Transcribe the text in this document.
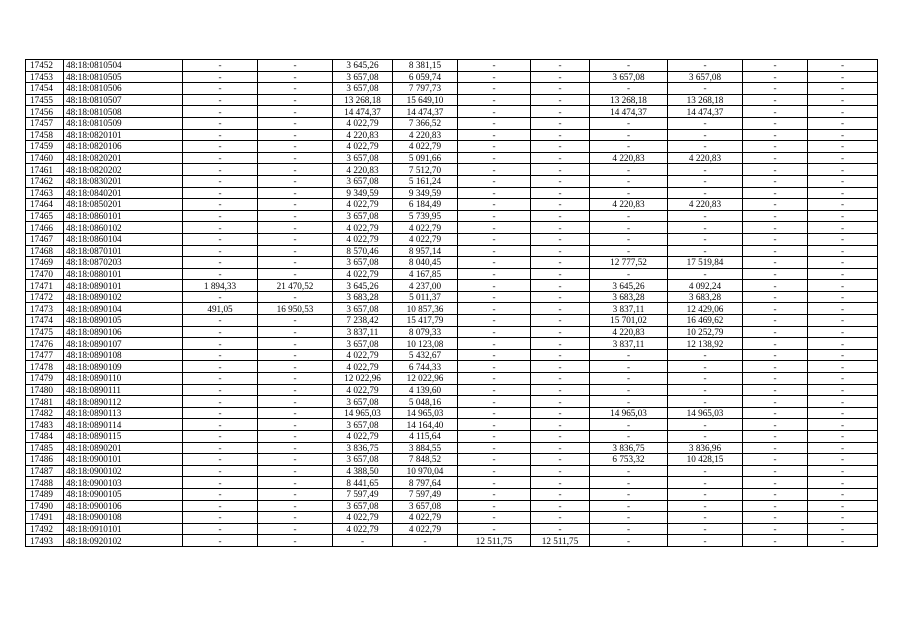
17452	48:18:0810504	-	-	3 645,26	8 381,15	-	-	-	-	-	-
17453	48:18:0810505	-	-	3 657,08	6 059,74	-	-	3 657,08	3 657,08	-	-
17454	48:18:0810506	-	-	3 657,08	7 797,73	-	-	-	-	-	-
17455	48:18:0810507	-	-	13 268,18	15 649,10	-	-	13 268,18	13 268,18	-	-
17456	48:18:0810508	-	-	14 474,37	14 474,37	-	-	14 474,37	14 474,37	-	-
17457	48:18:0810509	-	-	4 022,79	7 366,52	-	-	-	-	-	-
17458	48:18:0820101	-	-	4 220,83	4 220,83	-	-	-	-	-	-
17459	48:18:0820106	-	-	4 022,79	4 022,79	-	-	-	-	-	-
17460	48:18:0820201	-	-	3 657,08	5 091,66	-	-	4 220,83	4 220,83	-	-
17461	48:18:0820202	-	-	4 220,83	7 512,70	-	-	-	-	-	-
17462	48:18:0830201	-	-	3 657,08	5 161,24	-	-	-	-	-	-
17463	48:18:0840201	-	-	9 349,59	9 349,59	-	-	-	-	-	-
17464	48:18:0850201	-	-	4 022,79	6 184,49	-	-	4 220,83	4 220,83	-	-
17465	48:18:0860101	-	-	3 657,08	5 739,95	-	-	-	-	-	-
17466	48:18:0860102	-	-	4 022,79	4 022,79	-	-	-	-	-	-
17467	48:18:0860104	-	-	4 022,79	4 022,79	-	-	-	-	-	-
17468	48:18:0870101	-	-	8 570,46	8 957,14	-	-	-	-	-	-
17469	48:18:0870203	-	-	3 657,08	8 040,45	-	-	12 777,52	17 519,84	-	-
17470	48:18:0880101	-	-	4 022,79	4 167,85	-	-	-	-	-	-
17471	48:18:0890101	1 894,33	21 470,52	3 645,26	4 237,00	-	-	3 645,26	4 092,24	-	-
17472	48:18:0890102	-	-	3 683,28	5 011,37	-	-	3 683,28	3 683,28	-	-
17473	48:18:0890104	491,05	16 950,53	3 657,08	10 857,36	-	-	3 837,11	12 429,06	-	-
17474	48:18:0890105	-	-	7 238,42	15 417,79	-	-	15 701,02	16 469,62	-	-
17475	48:18:0890106	-	-	3 837,11	8 079,33	-	-	4 220,83	10 252,79	-	-
17476	48:18:0890107	-	-	3 657,08	10 123,08	-	-	3 837,11	12 138,92	-	-
17477	48:18:0890108	-	-	4 022,79	5 432,67	-	-	-	-	-	-
17478	48:18:0890109	-	-	4 022,79	6 744,33	-	-	-	-	-	-
17479	48:18:0890110	-	-	12 022,96	12 022,96	-	-	-	-	-	-
17480	48:18:0890111	-	-	4 022,79	4 139,60	-	-	-	-	-	-
17481	48:18:0890112	-	-	3 657,08	5 048,16	-	-	-	-	-	-
17482	48:18:0890113	-	-	14 965,03	14 965,03	-	-	14 965,03	14 965,03	-	-
17483	48:18:0890114	-	-	3 657,08	14 164,40	-	-	-	-	-	-
17484	48:18:0890115	-	-	4 022,79	4 115,64	-	-	-	-	-	-
17485	48:18:0890201	-	-	3 836,75	3 884,55	-	-	3 836,75	3 836,96	-	-
17486	48:18:0900101	-	-	3 657,08	7 848,52	-	-	6 753,32	10 428,15	-	-
17487	48:18:0900102	-	-	4 388,50	10 970,04	-	-	-	-	-	-
17488	48:18:0900103	-	-	8 441,65	8 797,64	-	-	-	-	-	-
17489	48:18:0900105	-	-	7 597,49	7 597,49	-	-	-	-	-	-
17490	48:18:0900106	-	-	3 657,08	3 657,08	-	-	-	-	-	-
17491	48:18:0900108	-	-	4 022,79	4 022,79	-	-	-	-	-	-
17492	48:18:0910101	-	-	4 022,79	4 022,79	-	-	-	-	-	-
17493	48:18:0920102	-	-	-	-	12 511,75	12 511,75	-	-	-	-
